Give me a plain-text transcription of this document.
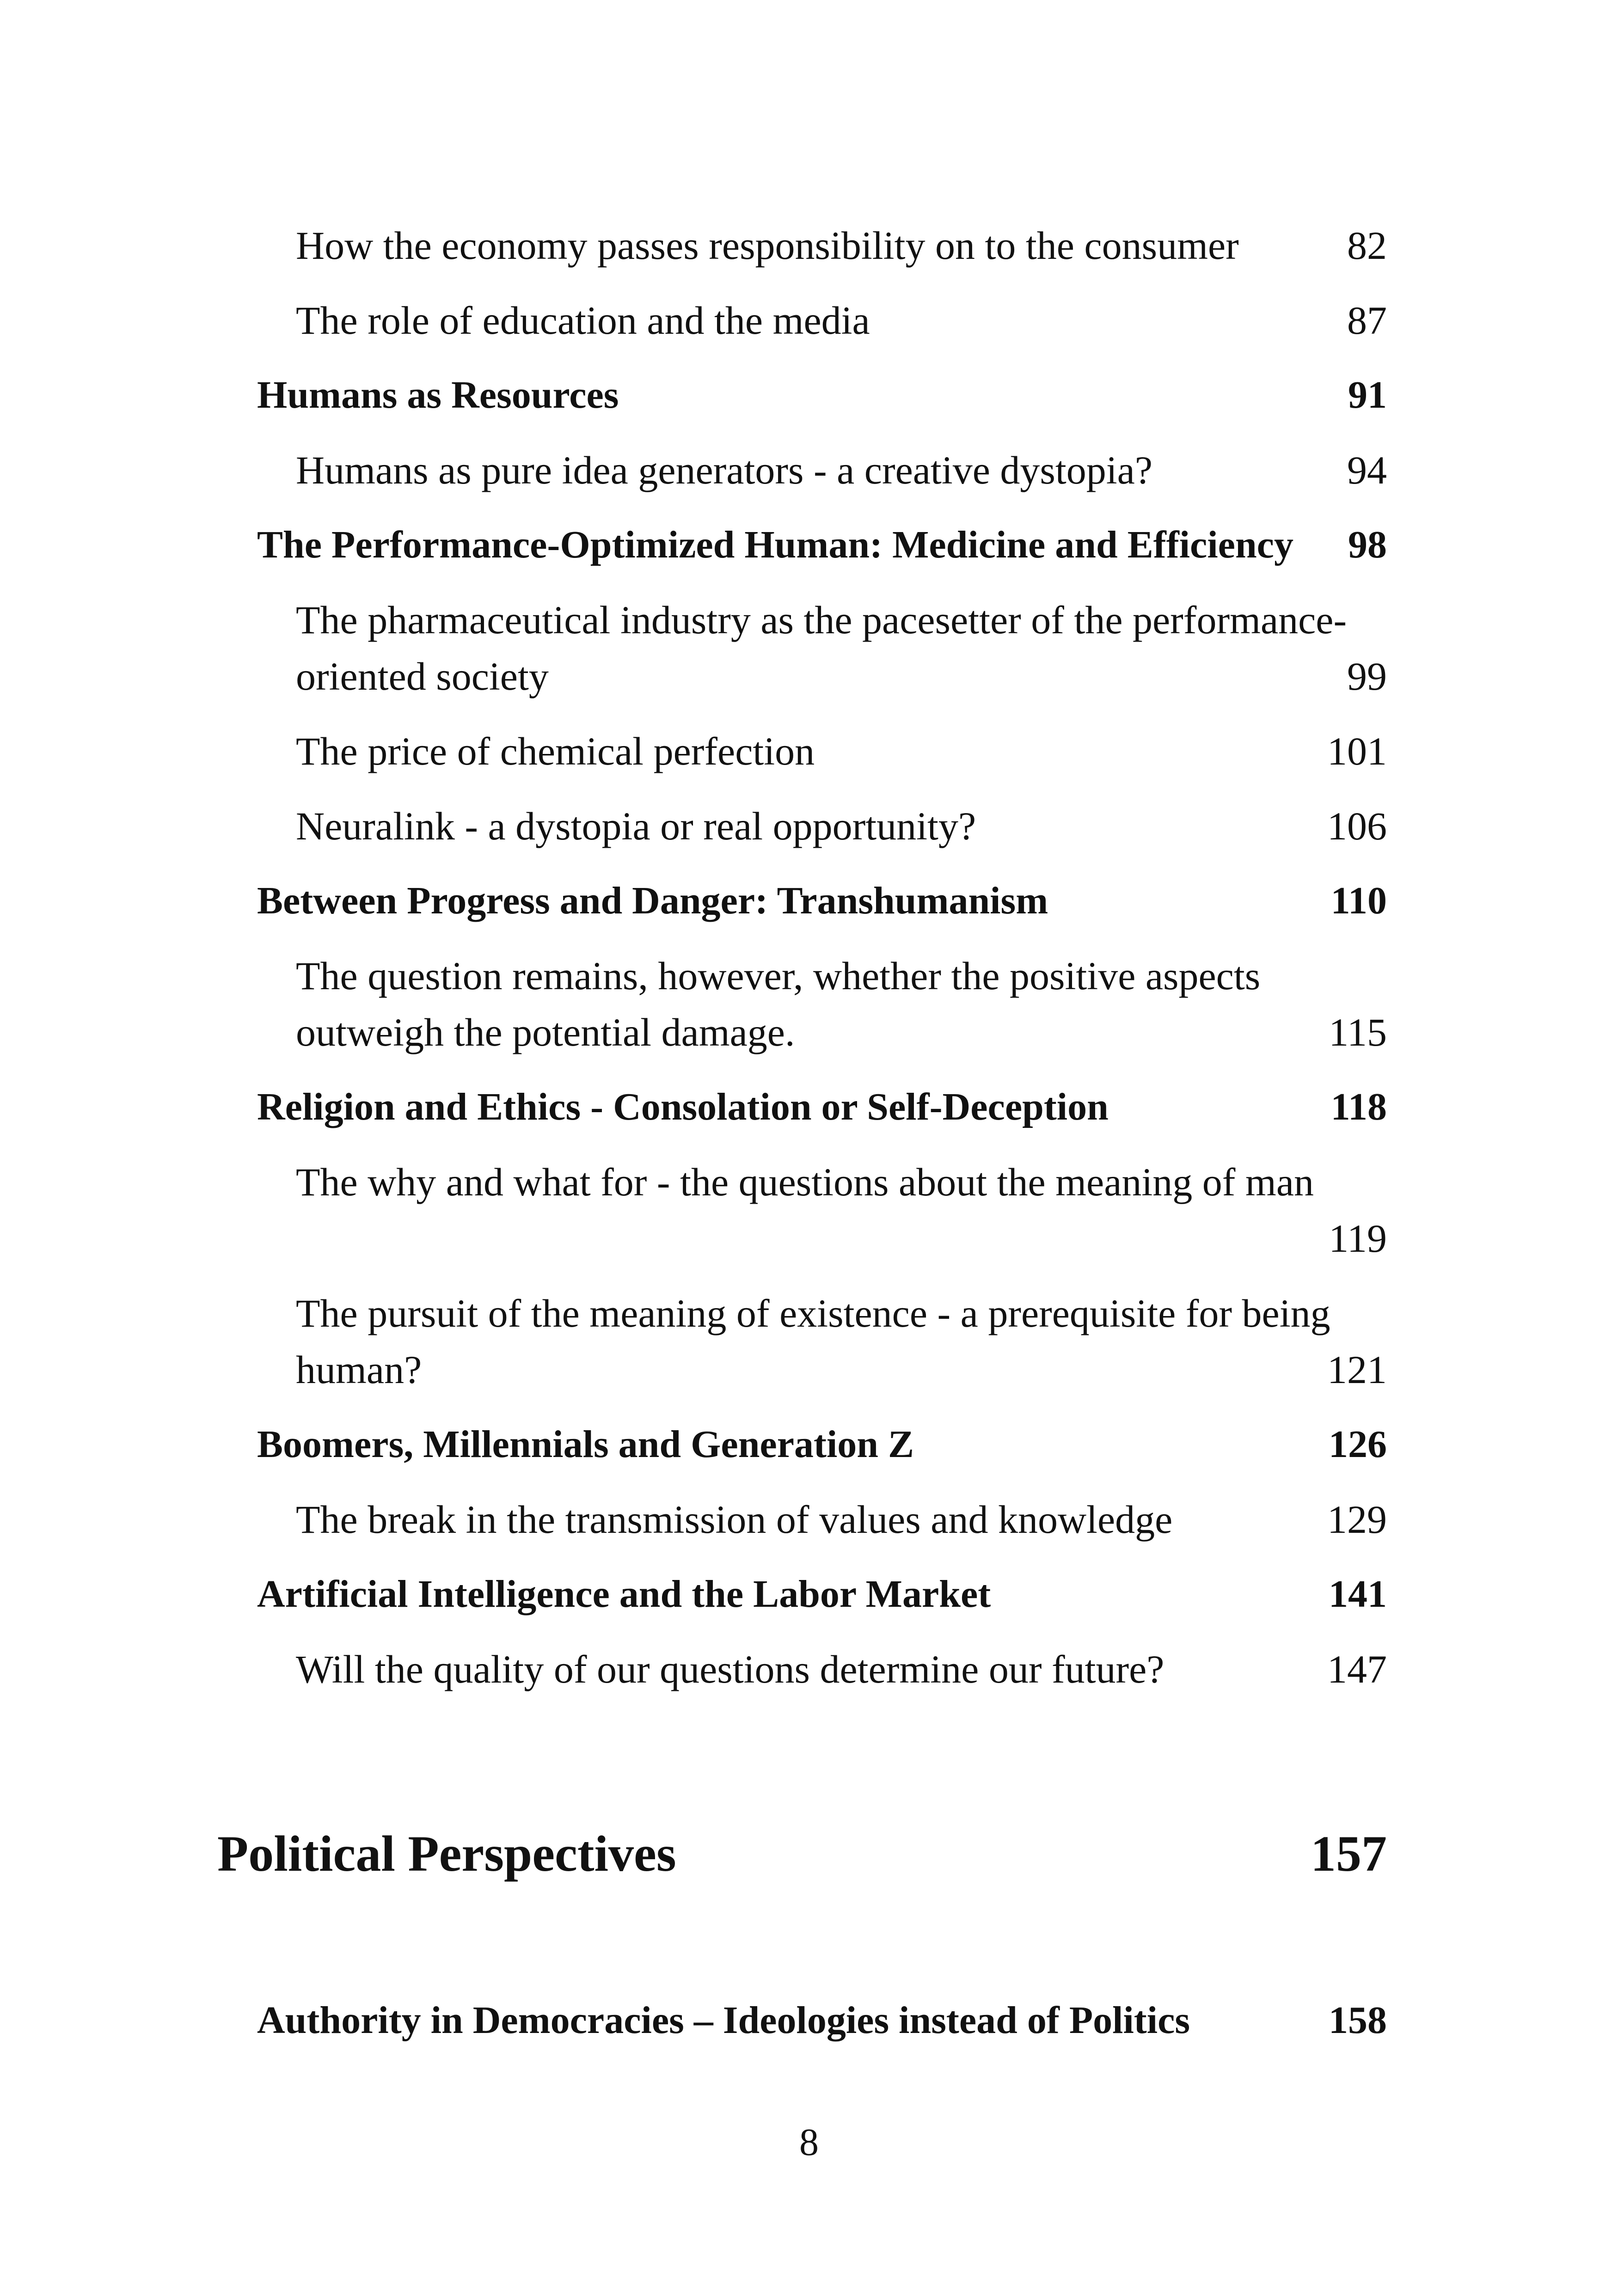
How the economy passes responsibility on to the consumer	82
The role of education and the media	87
Humans as Resources	91
Humans as pure idea generators - a creative dystopia?	94
The Performance-Optimized Human: Medicine and Efficiency 98
The pharmaceutical industry as the pacesetter of the performance-oriented society	99
The price of chemical perfection	101
Neuralink - a dystopia or real opportunity?	106
Between Progress and Danger: Transhumanism	110
The question remains, however, whether the positive aspects outweigh the potential damage.	115
Religion and Ethics - Consolation or Self-Deception	118
The why and what for - the questions about the meaning of man
119
The pursuit of the meaning of existence - a prerequisite for being human?	121
Boomers, Millennials and Generation Z	126
The break in the transmission of values and knowledge	129
Artificial Intelligence and the Labor Market	141
Will the quality of our questions determine our future?	147
Political Perspectives	157
Authority in Democracies – Ideologies instead of Politics	158
8
